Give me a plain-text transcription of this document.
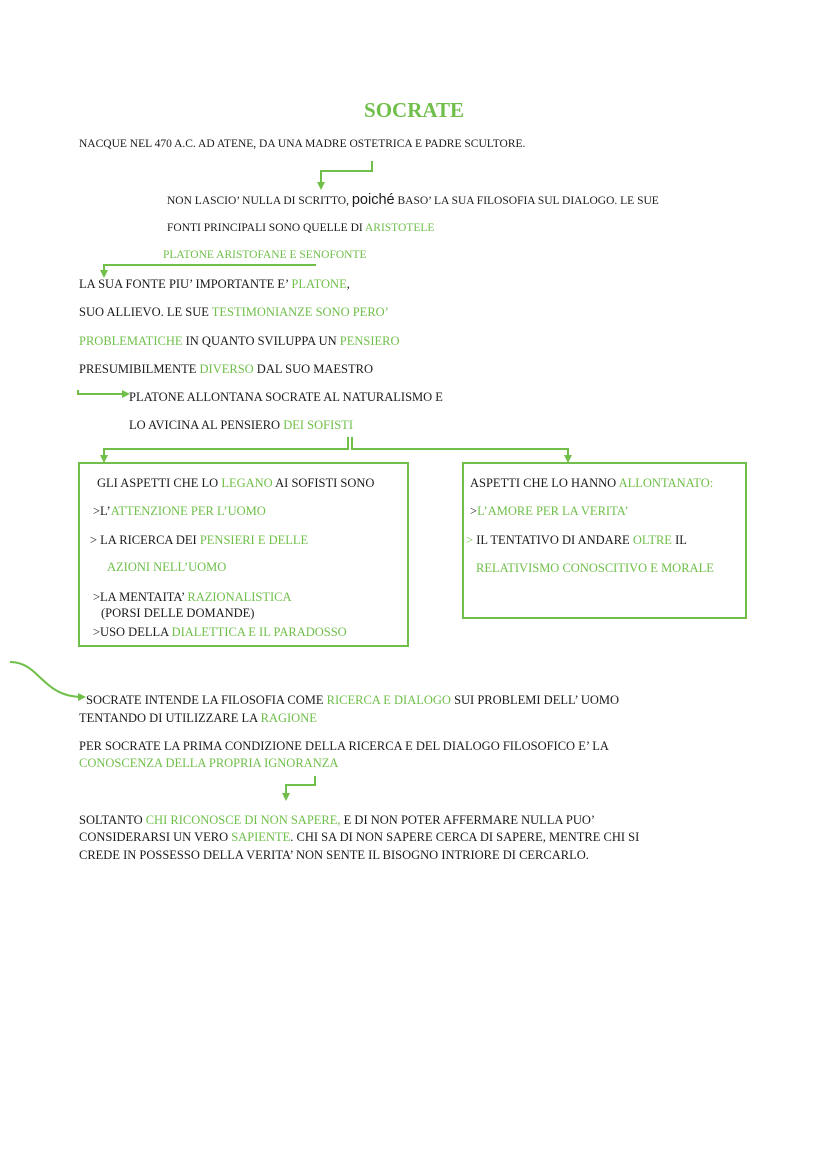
SOCRATE
NACQUE NEL 470 A.C. AD ATENE, DA UNA MADRE OSTETRICA E PADRE SCULTORE.
NON LASCIO’ NULLA DI SCRITTO, poiché BASO’ LA SUA FILOSOFIA SUL DIALOGO. LE SUE
FONTI PRINCIPALI SONO QUELLE DI ARISTOTELE
PLATONE ARISTOFANE E SENOFONTE
LA SUA FONTE PIU’ IMPORTANTE E’ PLATONE,
SUO ALLIEVO. LE SUE TESTIMONIANZE SONO PERO’
PROBLEMATICHE IN QUANTO SVILUPPA UN PENSIERO
PRESUMIBILMENTE DIVERSO DAL SUO MAESTRO
PLATONE ALLONTANA SOCRATE AL NATURALISMO E
LO AVICINA AL PENSIERO DEI SOFISTI
GLI ASPETTI CHE LO LEGANO AI SOFISTI SONO
>L’ATTENZIONE PER L’UOMO
> LA RICERCA DEI PENSIERI E DELLE
AZIONI NELL’UOMO
>LA MENTAITA’ RAZIONALISTICA
(PORSI DELLE DOMANDE)
>USO DELLA DIALETTICA E IL PARADOSSO
ASPETTI CHE LO HANNO ALLONTANATO:
>L’AMORE PER LA VERITA’
> IL TENTATIVO DI ANDARE OLTRE IL
RELATIVISMO CONOSCITIVO E MORALE
SOCRATE INTENDE LA FILOSOFIA COME RICERCA E DIALOGO SUI PROBLEMI DELL’ UOMO
TENTANDO DI UTILIZZARE LA RAGIONE
PER SOCRATE LA PRIMA CONDIZIONE DELLA RICERCA E DEL DIALOGO FILOSOFICO E’ LA
CONOSCENZA DELLA PROPRIA IGNORANZA
SOLTANTO CHI RICONOSCE DI NON SAPERE, E DI NON POTER AFFERMARE NULLA PUO’
CONSIDERARSI UN VERO SAPIENTE. CHI SA DI NON SAPERE CERCA DI SAPERE, MENTRE CHI SI
CREDE IN POSSESSO DELLA VERITA’ NON SENTE IL BISOGNO INTRIORE DI CERCARLO.
